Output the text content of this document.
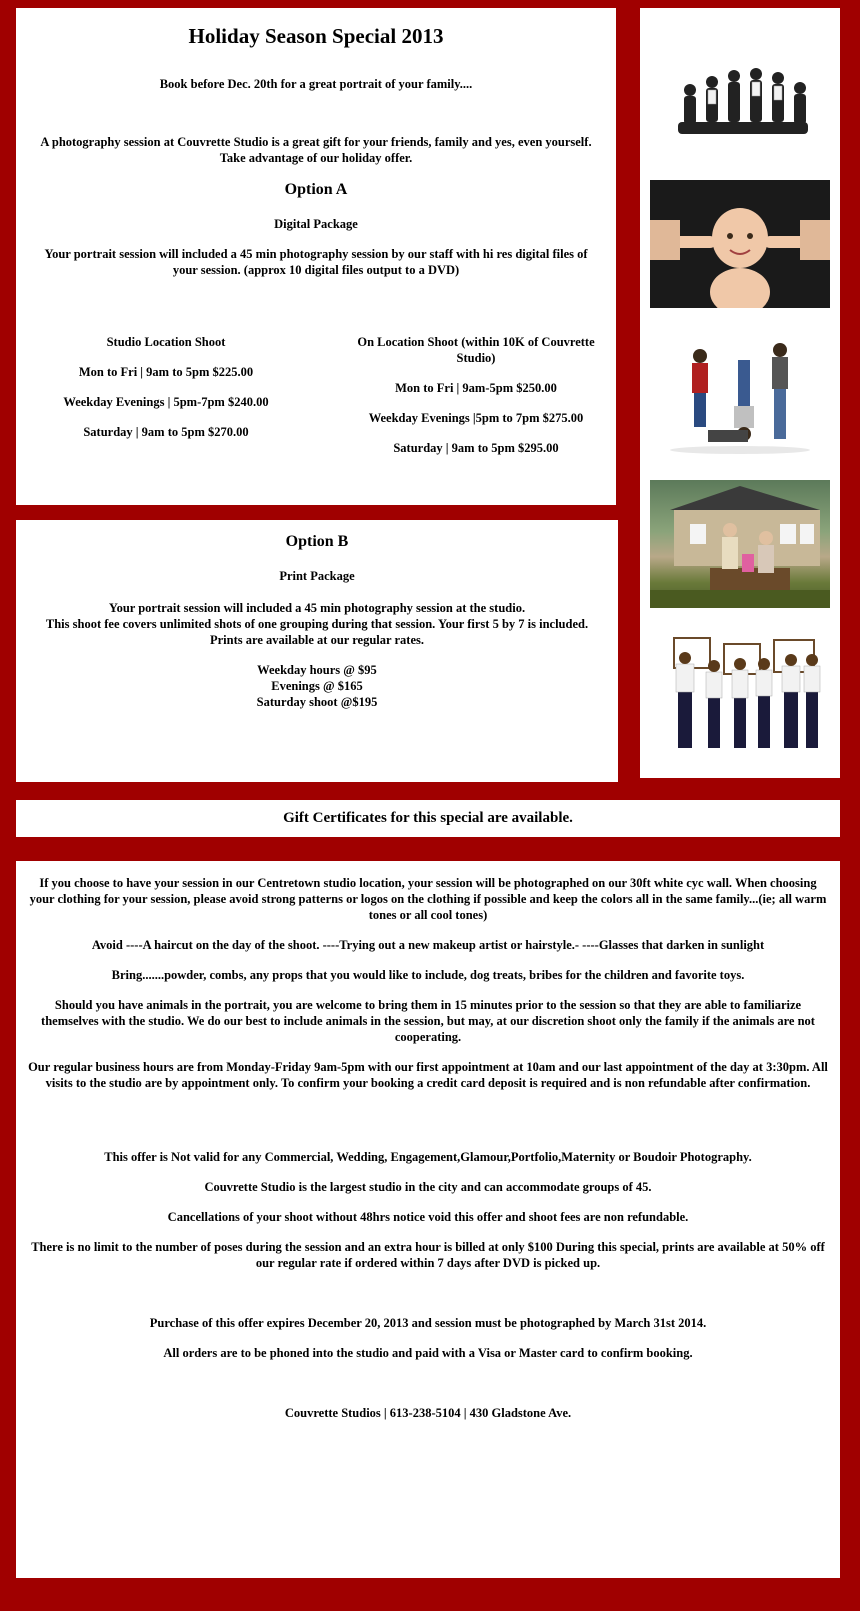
Holiday Season Special 2013

Book before Dec. 20th for a great portrait of your family....

A photography session at Couvrette Studio is a great gift for your friends, family and yes, even yourself. Take advantage of our holiday offer.

Option A

Digital Package

Your portrait session will included a 45 min photography session by our staff with hi res digital files of your session. (approx 10 digital files output to a DVD)

Studio Location Shoot
Mon to Fri | 9am to 5pm $225.00
Weekday Evenings | 5pm-7pm $240.00
Saturday | 9am to 5pm $270.00
On Location Shoot (within 10K of Couvrette Studio)
Mon to Fri | 9am-5pm $250.00
Weekday Evenings |5pm to 7pm $275.00
Saturday | 9am to 5pm $295.00

Option B

Print Package

Your portrait session will included a 45 min photography session at the studio.

This shoot fee covers unlimited shots of one grouping during that session. Your first 5 by 7 is included. Prints are available at our regular rates.

Weekday hours @ $95

Evenings @ $165

Saturday shoot @$195

Gift Certificates for this special are available.

If you choose to have your session in our Centretown studio location, your session will be photographed on our 30ft white cyc wall. When choosing your clothing for your session, please avoid strong patterns or logos on the clothing if possible and keep the colors all in the same family...(ie; all warm tones or all cool tones)

Avoid ----A haircut on the day of the shoot. ----Trying out a new makeup artist or hairstyle.- ----Glasses that darken in sunlight

Bring.......powder, combs, any props that you would like to include, dog treats, bribes for the children and favorite toys.

Should you have animals in the portrait, you are welcome to bring them in 15 minutes prior to the session so that they are able to familiarize themselves with the studio. We do our best to include animals in the session, but may, at our discretion shoot only the family if the animals are not cooperating.

Our regular business hours are from Monday-Friday 9am-5pm with our first appointment at 10am and our last appointment of the day at 3:30pm. All visits to the studio are by appointment only. To confirm your booking a credit card deposit is required and is non refundable after confirmation.

This offer is Not valid for any Commercial, Wedding, Engagement,Glamour,Portfolio,Maternity or Boudoir Photography.

Couvrette Studio is the largest studio in the city and can accommodate groups of 45.

Cancellations of your shoot without 48hrs notice void this offer and shoot fees are non refundable.

There is no limit to the number of poses during the session and an extra hour is billed at only $100 During this special, prints are available at 50% off our regular rate if ordered within 7 days after DVD is picked up.

Purchase of this offer expires December 20, 2013 and session must be photographed by March 31st 2014.

All orders are to be phoned into the studio and paid with a Visa or Master card to confirm booking.

Couvrette Studios | 613-238-5104 | 430 Gladstone Ave.
